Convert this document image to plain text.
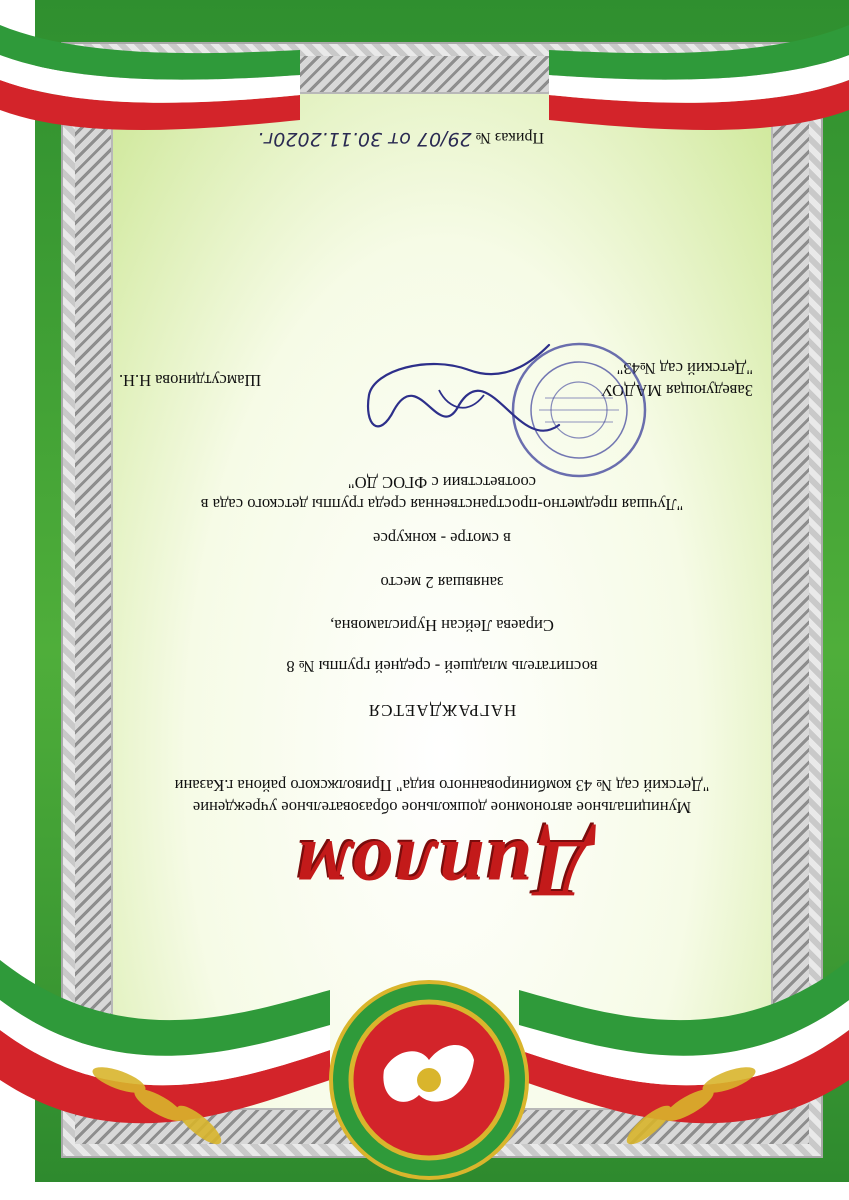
Диплом
Муниципальное автономное дошкольное образовательное учреждение
"Детский сад № 43 комбинированного вида" Приволжского района г.Казани
НАГРАЖДАЕТСЯ
воспитатель младшей - средней группы № 8
Сираева Лейсан Нурисламовна,
занявшая 2 место
в смотре - конкурсе
"Лучшая предметно-пространственная среда группы детского сада в
соответствии с ФГОС ДО"
Заведующая МАДОУ
"Детский сад №43"
Шамсутдинова Н.Н.
Приказ № 29/07 от 30.11.2020г.
